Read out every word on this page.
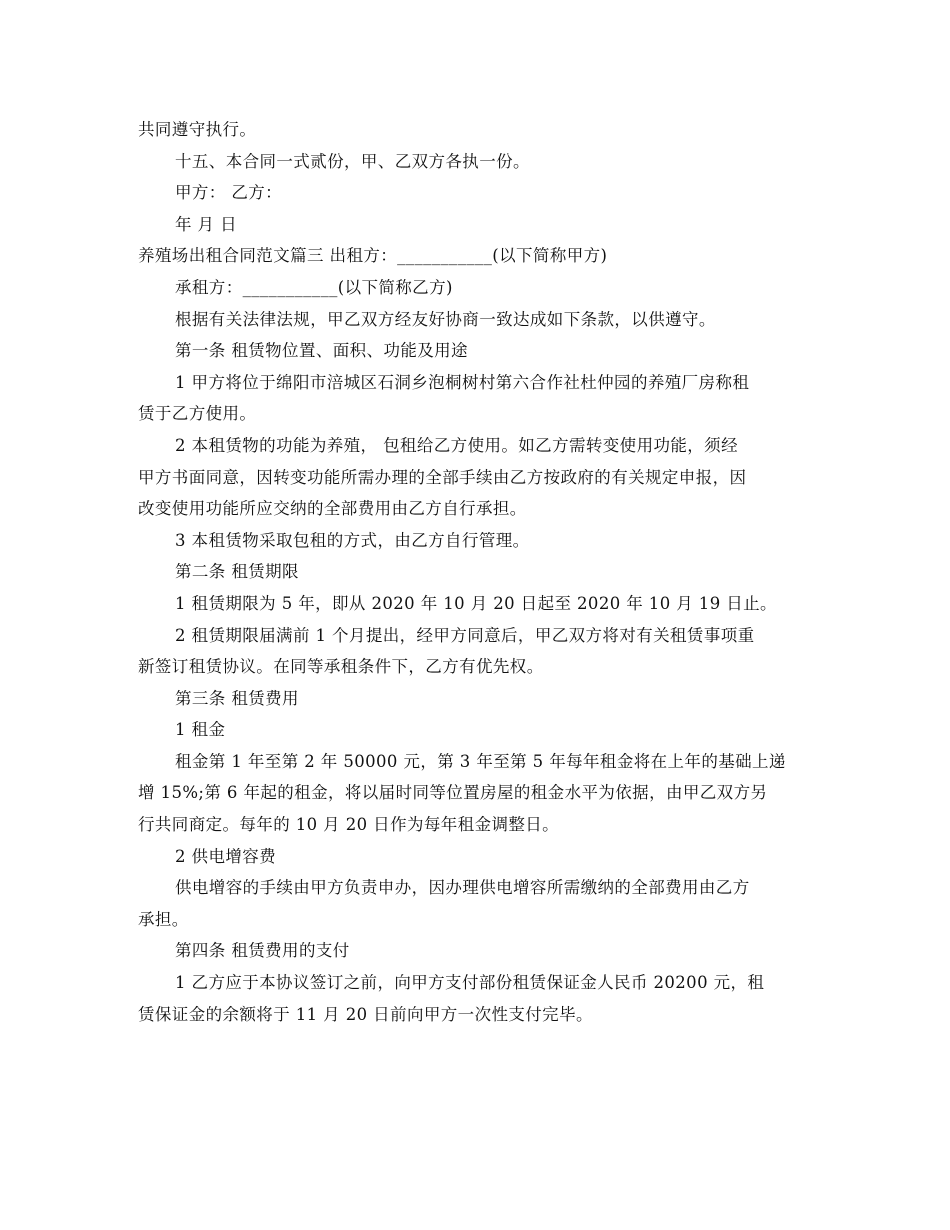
共同遵守执行。
十五、本合同一式贰份，甲、乙双方各执一份。
甲方： 乙方：
年 月 日
养殖场出租合同范文篇三 出租方：___________(以下简称甲方)
承租方：___________(以下简称乙方)
根据有关法律法规，甲乙双方经友好协商一致达成如下条款，以供遵守。
第一条 租赁物位置、面积、功能及用途
1 甲方将位于绵阳市涪城区石洞乡泡桐树村第六合作社杜仲园的养殖厂房称租
赁于乙方使用。
2 本租赁物的功能为养殖， 包租给乙方使用。如乙方需转变使用功能，须经
甲方书面同意，因转变功能所需办理的全部手续由乙方按政府的有关规定申报，因
改变使用功能所应交纳的全部费用由乙方自行承担。
3 本租赁物采取包租的方式，由乙方自行管理。
第二条 租赁期限
1 租赁期限为 5 年，即从 2020 年 10 月 20 日起至 2020 年 10 月 19 日止。
2 租赁期限届满前 1 个月提出，经甲方同意后，甲乙双方将对有关租赁事项重
新签订租赁协议。在同等承租条件下，乙方有优先权。
第三条 租赁费用
1 租金
租金第 1 年至第 2 年 50000 元，第 3 年至第 5 年每年租金将在上年的基础上递
增 15%;第 6 年起的租金，将以届时同等位置房屋的租金水平为依据，由甲乙双方另
行共同商定。每年的 10 月 20 日作为每年租金调整日。
2 供电增容费
供电增容的手续由甲方负责申办，因办理供电增容所需缴纳的全部费用由乙方
承担。
第四条 租赁费用的支付
1 乙方应于本协议签订之前，向甲方支付部份租赁保证金人民币 20200 元，租
赁保证金的余额将于 11 月 20 日前向甲方一次性支付完毕。
